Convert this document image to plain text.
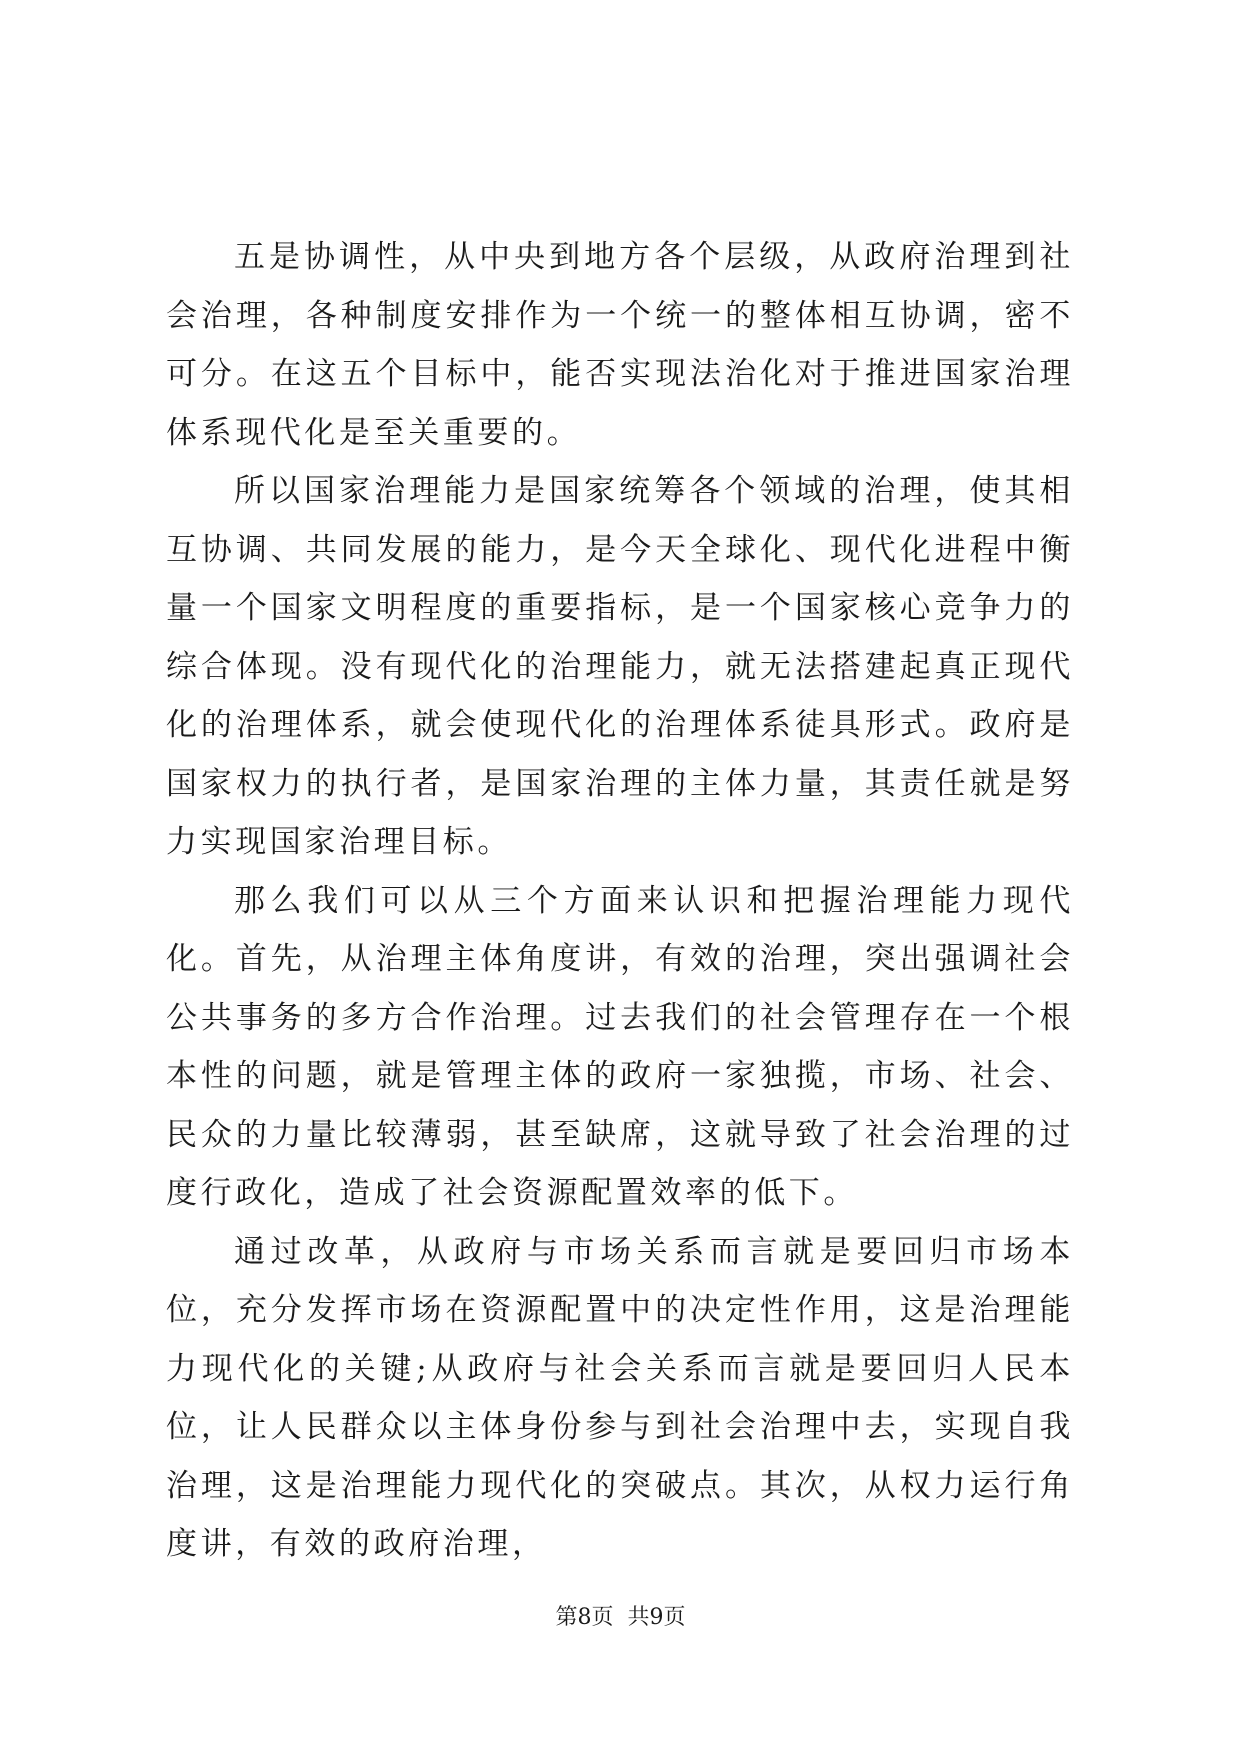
五是协调性，从中央到地方各个层级，从政府治理到社会治理，各种制度安排作为一个统一的整体相互协调，密不可分。在这五个目标中，能否实现法治化对于推进国家治理体系现代化是至关重要的。

所以国家治理能力是国家统筹各个领域的治理，使其相互协调、共同发展的能力，是今天全球化、现代化进程中衡量一个国家文明程度的重要指标，是一个国家核心竞争力的综合体现。没有现代化的治理能力，就无法搭建起真正现代化的治理体系，就会使现代化的治理体系徒具形式。政府是国家权力的执行者，是国家治理的主体力量，其责任就是努力实现国家治理目标。

那么我们可以从三个方面来认识和把握治理能力现代化。首先，从治理主体角度讲，有效的治理，突出强调社会公共事务的多方合作治理。过去我们的社会管理存在一个根本性的问题，就是管理主体的政府一家独揽，市场、社会、民众的力量比较薄弱，甚至缺席，这就导致了社会治理的过度行政化，造成了社会资源配置效率的低下。

通过改革，从政府与市场关系而言就是要回归市场本位，充分发挥市场在资源配置中的决定性作用，这是治理能力现代化的关键;从政府与社会关系而言就是要回归人民本位，让人民群众以主体身份参与到社会治理中去，实现自我治理，这是治理能力现代化的突破点。其次，从权力运行角度讲，有效的政府治理，

第8页 共9页
